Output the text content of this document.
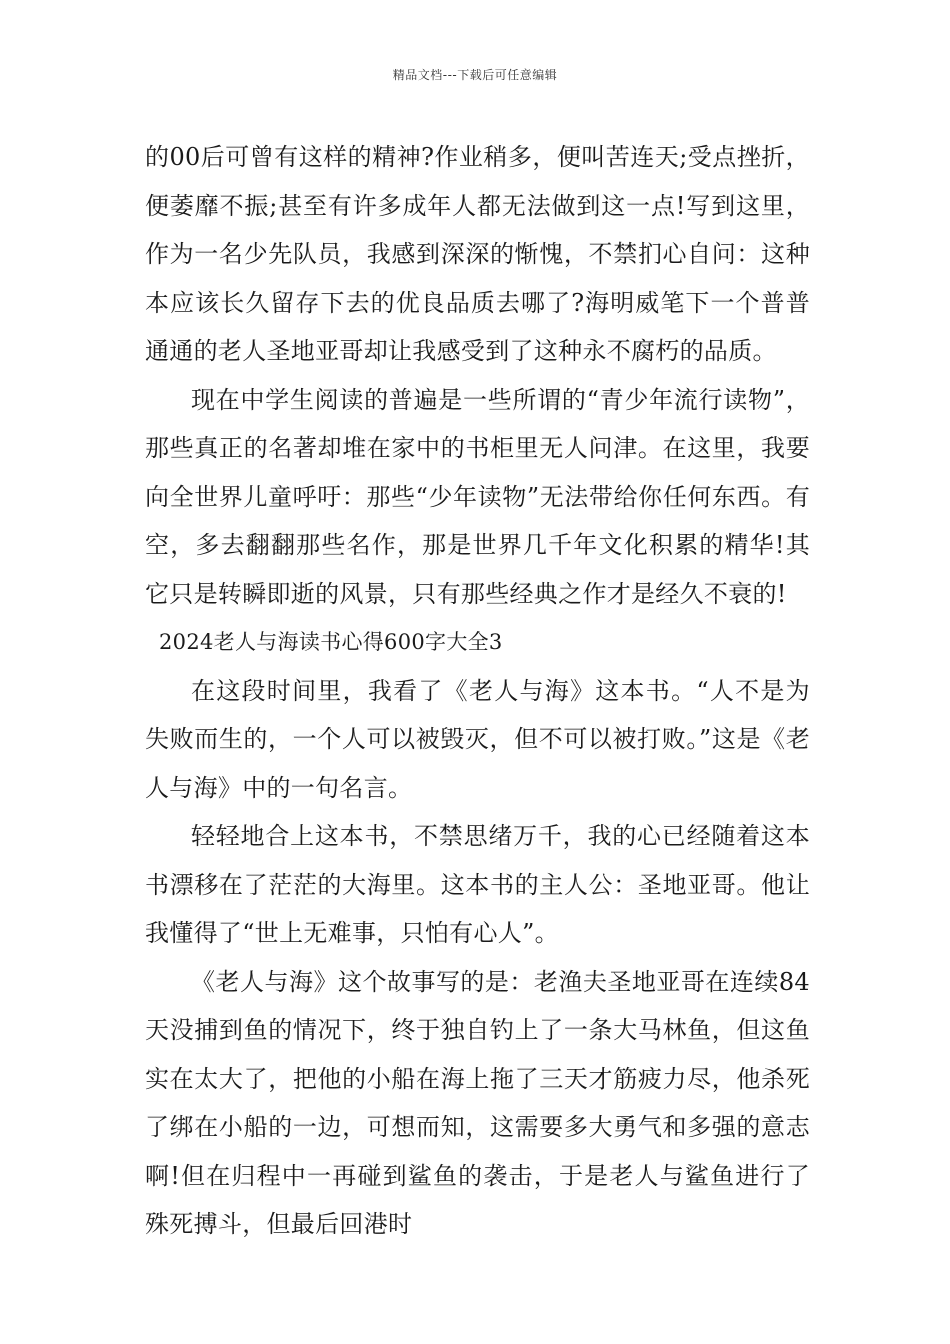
精品文档---下载后可任意编辑

的00后可曾有这样的精神?作业稍多，便叫苦连天;受点挫折，便萎靡不振;甚至有许多成年人都无法做到这一点!写到这里，作为一名少先队员，我感到深深的惭愧，不禁扪心自问：这种本应该长久留存下去的优良品质去哪了?海明威笔下一个普普通通的老人圣地亚哥却让我感受到了这种永不腐朽的品质。

现在中学生阅读的普遍是一些所谓的“青少年流行读物”，那些真正的名著却堆在家中的书柜里无人问津。在这里，我要向全世界儿童呼吁：那些“少年读物”无法带给你任何东西。有空，多去翻翻那些名作，那是世界几千年文化积累的精华!其它只是转瞬即逝的风景，只有那些经典之作才是经久不衰的!

2024老人与海读书心得600字大全3

在这段时间里，我看了《老人与海》这本书。“人不是为失败而生的，一个人可以被毁灭，但不可以被打败。”这是《老人与海》中的一句名言。

轻轻地合上这本书，不禁思绪万千，我的心已经随着这本书漂移在了茫茫的大海里。这本书的主人公：圣地亚哥。他让我懂得了“世上无难事，只怕有心人”。

《老人与海》这个故事写的是：老渔夫圣地亚哥在连续84天没捕到鱼的情况下，终于独自钓上了一条大马林鱼，但这鱼实在太大了，把他的小船在海上拖了三天才筋疲力尽，他杀死了绑在小船的一边，可想而知，这需要多大勇气和多强的意志啊!但在归程中一再碰到鲨鱼的袭击，于是老人与鲨鱼进行了殊死搏斗，但最后回港时
